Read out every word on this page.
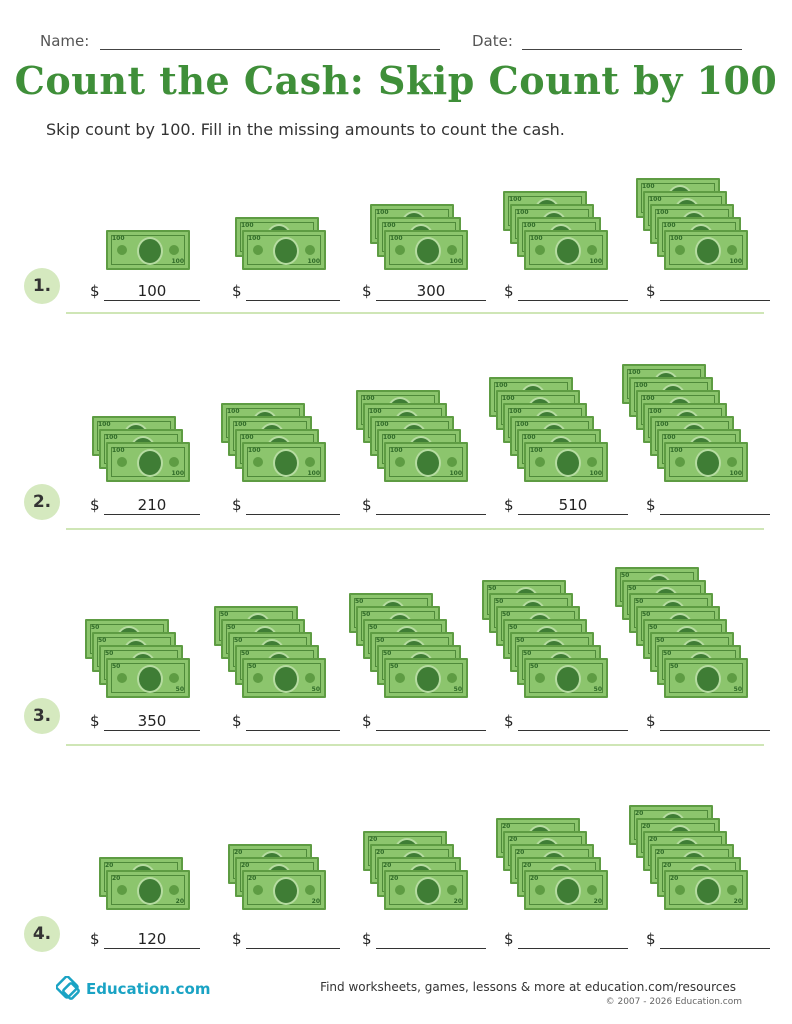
Name:	Date:
Count the Cash: Skip Count by 100
Skip count by 100. Fill in the missing amounts to count the cash.
1.
100
100
$	100
100
100
100
$
100
100
100
100
$	300
100
100
100
100
100
$
100
100
100
100
100
100
$
2.
100
100
100
100
$	210
100
100
100
100
100
$
100
100
100
100
100
100
$
100
100
100
100
100
100
100
$	510
100
100
100
100
100
100
100
100
$
3.
50
50
50
50
50
$	350
50
50
50
50
50
50
$
50
50
50
50
50
50
50
$
50
50
50
50
50
50
50
50
$
50
50
50
50
50
50
50
50
50
$
4.
20
20
20
$	120
20
20
20
20
$
20
20
20
20
20
$
20
20
20
20
20
20
$
20
20
20
20
20
20
20
$
Education.com	Find worksheets, games, lessons & more at education.com/resources
© 2007 - 2026 Education.com
